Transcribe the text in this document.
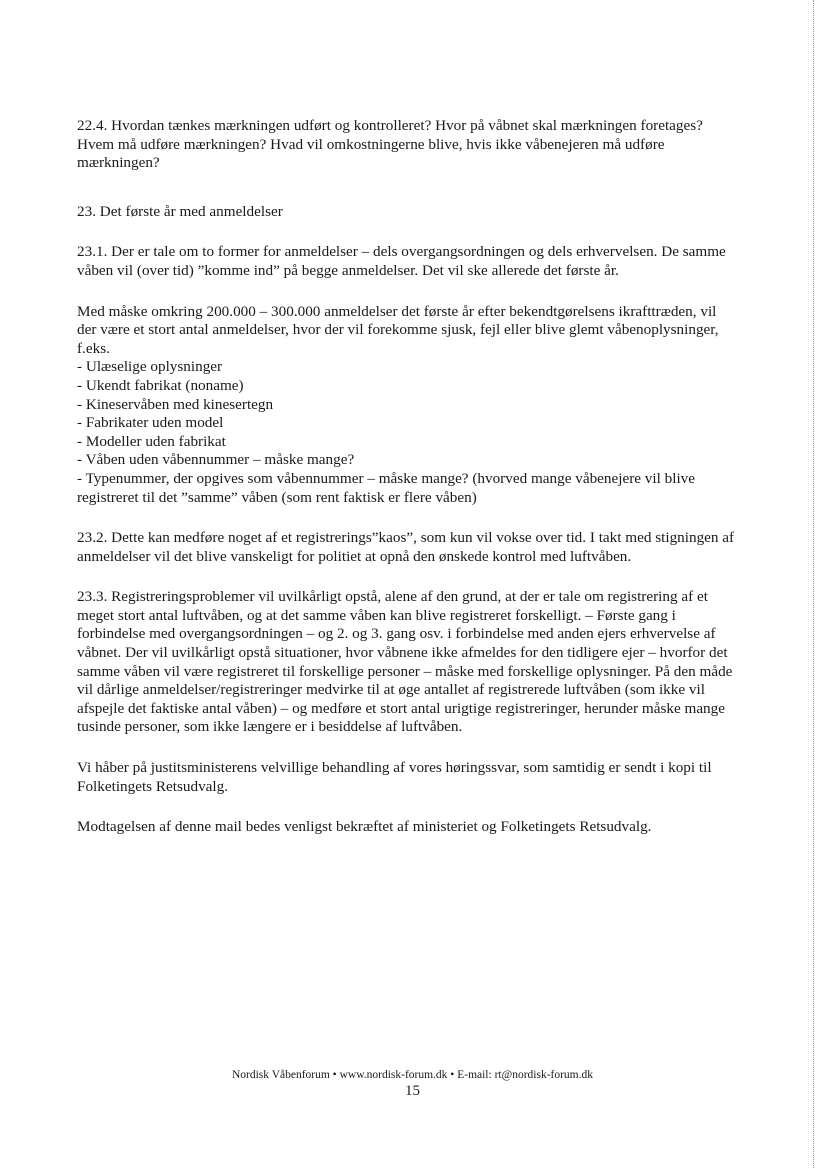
22.4. Hvordan tænkes mærkningen udført og kontrolleret? Hvor på våbnet skal mærkningen foretages? Hvem må udføre mærkningen? Hvad vil omkostningerne blive, hvis ikke våbenejeren må udføre mærkningen?

23. Det første år med anmeldelser

23.1. Der er tale om to former for anmeldelser – dels overgangsordningen og dels erhvervelsen. De samme våben vil (over tid) ”komme ind” på begge anmeldelser. Det vil ske allerede det første år.

Med måske omkring 200.000 – 300.000 anmeldelser det første år efter bekendtgørelsens ikrafttræden, vil der være et stort antal anmeldelser, hvor der vil forekomme sjusk, fejl eller blive glemt våbenoplysninger, f.eks.

- Ulæselige oplysninger
- Ukendt fabrikat (noname)
- Kineservåben med kinesertegn
- Fabrikater uden model
- Modeller uden fabrikat
- Våben uden våbennummer – måske mange?
- Typenummer, der opgives som våbennummer – måske mange? (hvorved mange våbenejere vil blive registreret til det ”samme” våben (som rent faktisk er flere våben)

23.2. Dette kan medføre noget af et registrerings”kaos”, som kun vil vokse over tid. I takt med stigningen af anmeldelser vil det blive vanskeligt for politiet at opnå den ønskede kontrol med luftvåben.

23.3. Registreringsproblemer vil uvilkårligt opstå, alene af den grund, at der er tale om registrering af et meget stort antal luftvåben, og at det samme våben kan blive registreret forskelligt. – Første gang i forbindelse med overgangsordningen – og 2. og 3. gang osv. i forbindelse med anden ejers erhvervelse af våbnet. Der vil uvilkårligt opstå situationer, hvor våbnene ikke afmeldes for den tidligere ejer – hvorfor det samme våben vil være registreret til forskellige personer – måske med forskellige oplysninger. På den måde vil dårlige anmeldelser/registreringer medvirke til at øge antallet af registrerede luftvåben (som ikke vil afspejle det faktiske antal våben) – og medføre et stort antal urigtige registreringer, herunder måske mange tusinde personer, som ikke længere er i besiddelse af luftvåben.

Vi håber på justitsministerens velvillige behandling af vores høringssvar, som samtidig er sendt i kopi til Folketingets Retsudvalg.

Modtagelsen af denne mail bedes venligst bekræftet af ministeriet og Folketingets Retsudvalg.

Nordisk Våbenforum • www.nordisk-forum.dk • E-mail: rt@nordisk-forum.dk
15
